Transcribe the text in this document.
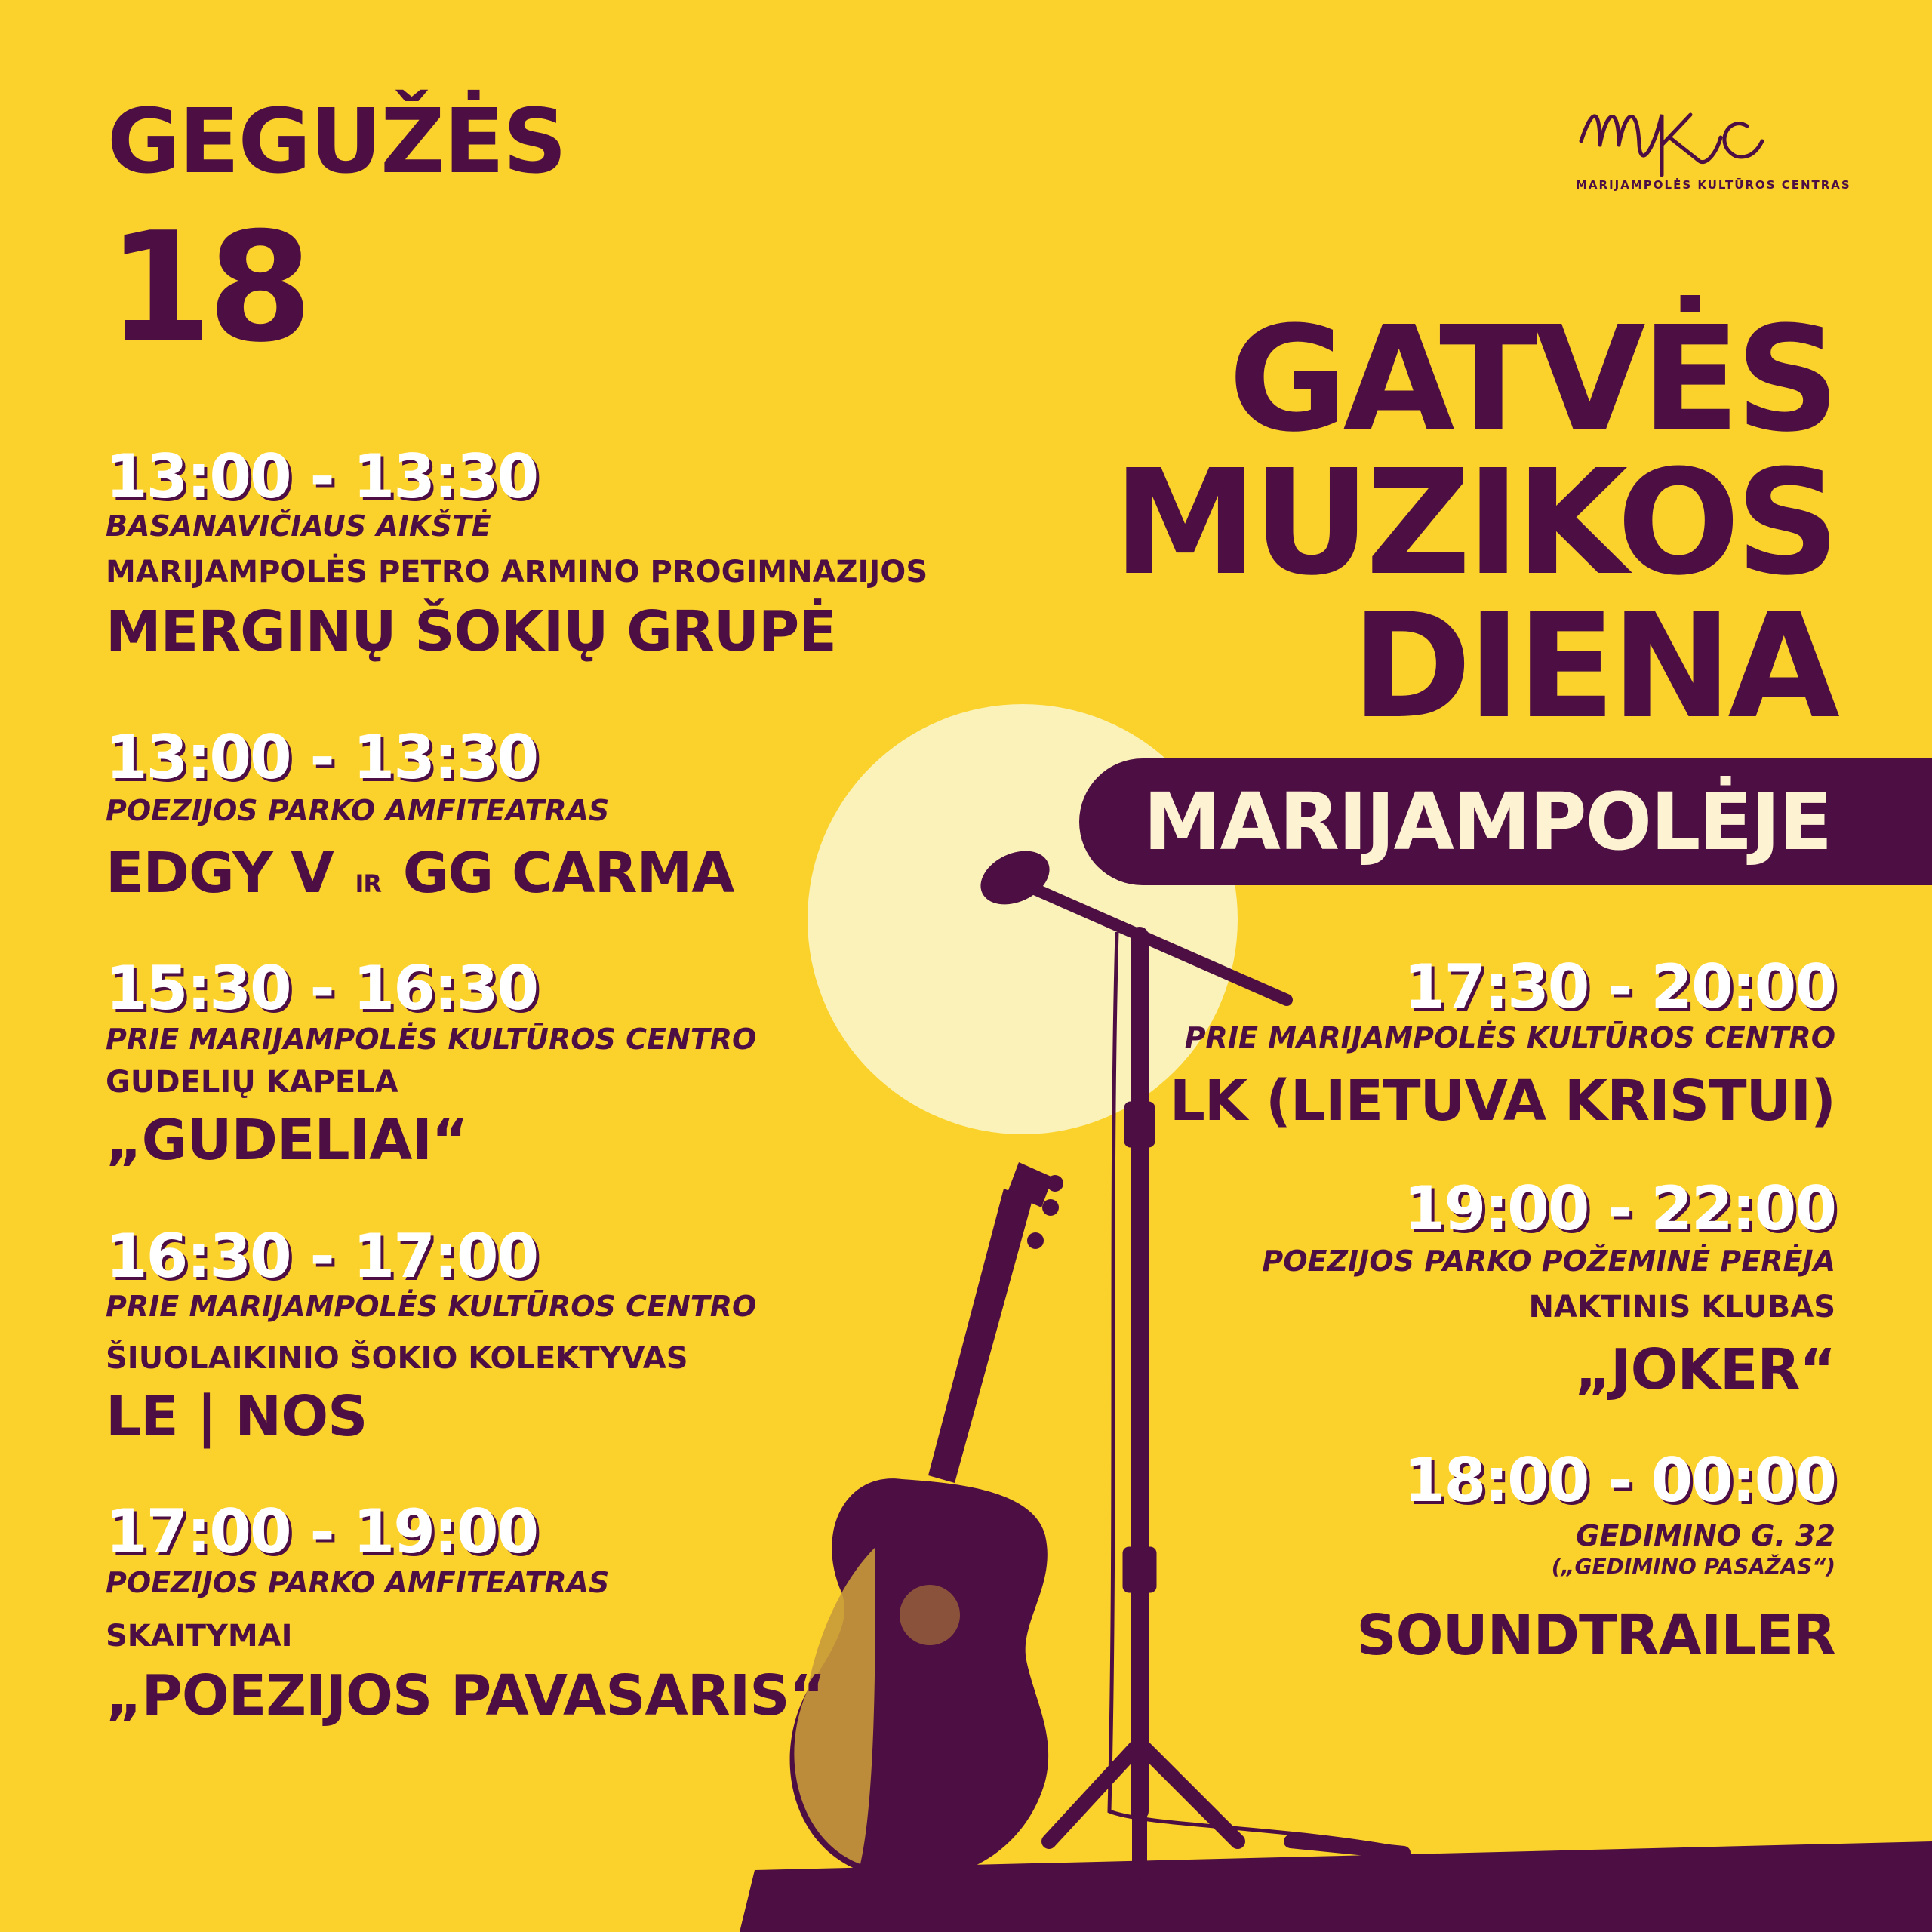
GEGUŽĖS
18
mkc
MARIJAMPOLĖS KULTŪROS CENTRAS
GATVĖS
MUZIKOS
DIENA
MARIJAMPOLĖJE
13:00 - 13:30
BASANAVIČIAUS AIKŠTĖ
MARIJAMPOLĖS PETRO ARMINO PROGIMNAZIJOS
MERGINŲ ŠOKIŲ GRUPĖ
13:00 - 13:30
POEZIJOS PARKO AMFITEATRAS
EDGY V IR GG CARMA
15:30 - 16:30
PRIE MARIJAMPOLĖS KULTŪROS CENTRO
GUDELIŲ KAPELA
„GUDELIAI“
16:30 - 17:00
PRIE MARIJAMPOLĖS KULTŪROS CENTRO
ŠIUOLAIKINIO ŠOKIO KOLEKTYVAS
LE | NOS
17:00 - 19:00
POEZIJOS PARKO AMFITEATRAS
SKAITYMAI
„POEZIJOS PAVASARIS“
17:30 - 20:00
PRIE MARIJAMPOLĖS KULTŪROS CENTRO
LK (LIETUVA KRISTUI)
19:00 - 22:00
POEZIJOS PARKO POŽEMINĖ PERĖJA
NAKTINIS KLUBAS
„JOKER“
18:00 - 00:00
GEDIMINO G. 32
(„GEDIMINO PASAŽAS“)
SOUNDTRAILER
